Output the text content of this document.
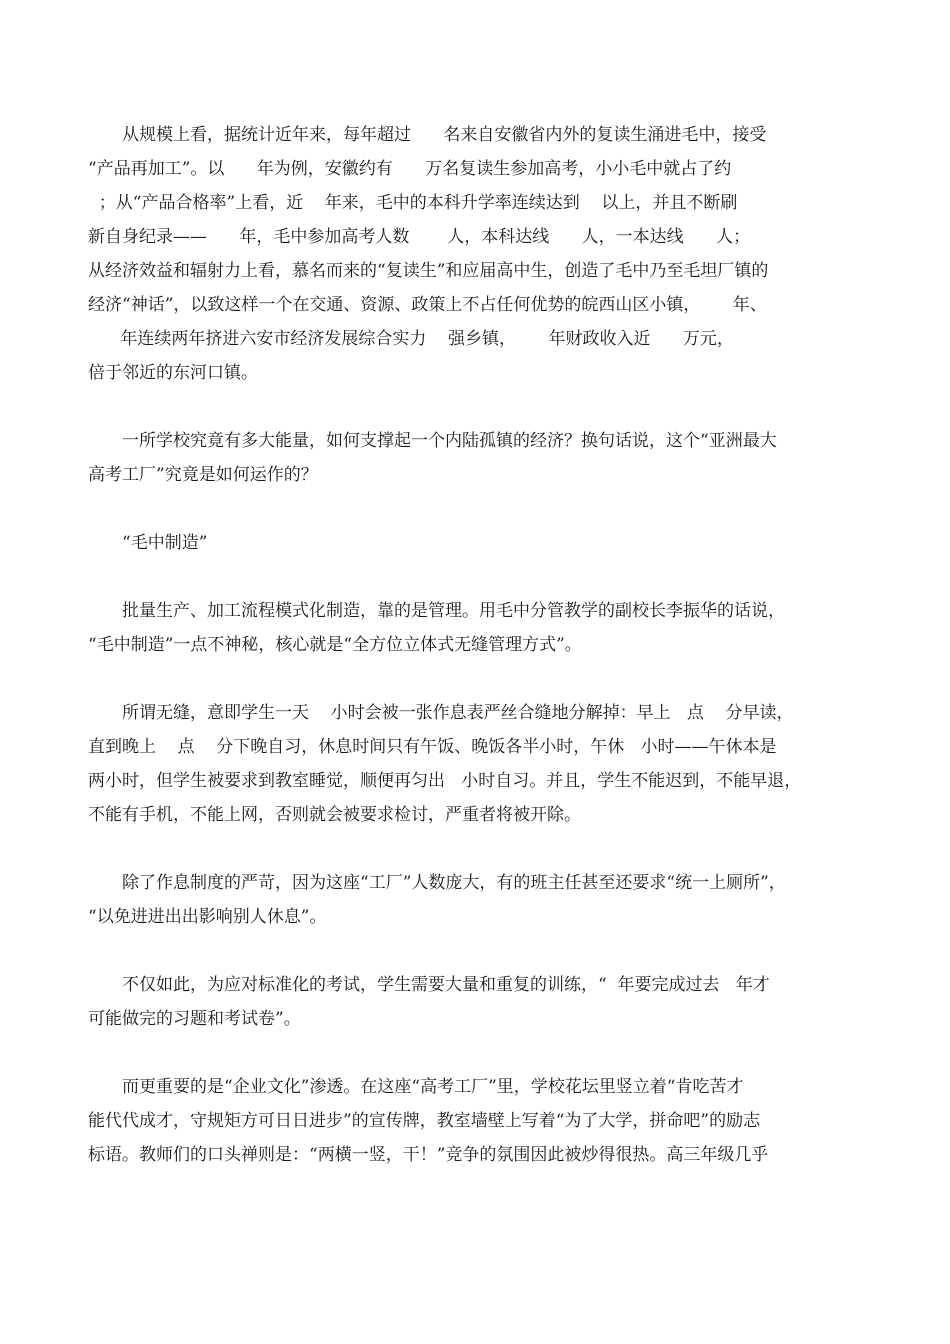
从规模上看，据统计近年来，每年超过      名来自安徽省内外的复读生涌进毛中，接受
“产品再加工”。以      年为例，安徽约有      万名复读生参加高考，小小毛中就占了约
；从“产品合格率”上看，近    年来，毛中的本科升学率连续达到    以上，并且不断刷
新自身纪录——      年，毛中参加高考人数       人，本科达线      人，一本达线      人；
从经济效益和辐射力上看，慕名而来的“复读生”和应届高中生，创造了毛中乃至毛坦厂镇的
经济“神话”，以致这样一个在交通、资源、政策上不占任何优势的皖西山区小镇，      年、
年连续两年挤进六安市经济发展综合实力    强乡镇，      年财政收入近      万元，
倍于邻近的东河口镇。
一所学校究竟有多大能量，如何支撑起一个内陆孤镇的经济？换句话说，这个“亚洲最大
高考工厂”究竟是如何运作的？
“毛中制造”
批量生产、加工流程模式化制造，靠的是管理。用毛中分管教学的副校长李振华的话说，
“毛中制造”一点不神秘，核心就是“全方位立体式无缝管理方式”。
所谓无缝，意即学生一天    小时会被一张作息表严丝合缝地分解掉：早上   点    分早读，
直到晚上    点    分下晚自习，休息时间只有午饭、晚饭各半小时，午休   小时——午休本是
两小时，但学生被要求到教室睡觉，顺便再匀出   小时自习。并且，学生不能迟到，不能早退，
不能有手机，不能上网，否则就会被要求检讨，严重者将被开除。
除了作息制度的严苛，因为这座“工厂”人数庞大，有的班主任甚至还要求“统一上厕所”，
“以免进进出出影响别人休息”。
不仅如此，为应对标准化的考试，学生需要大量和重复的训练，“  年要完成过去   年才
可能做完的习题和考试卷”。
而更重要的是“企业文化”渗透。在这座“高考工厂”里，学校花坛里竖立着“肯吃苦才
能代代成才，守规矩方可日日进步”的宣传牌，教室墙壁上写着“为了大学，拼命吧”的励志
标语。教师们的口头禅则是：“两横一竖，干！”竞争的氛围因此被炒得很热。高三年级几乎
